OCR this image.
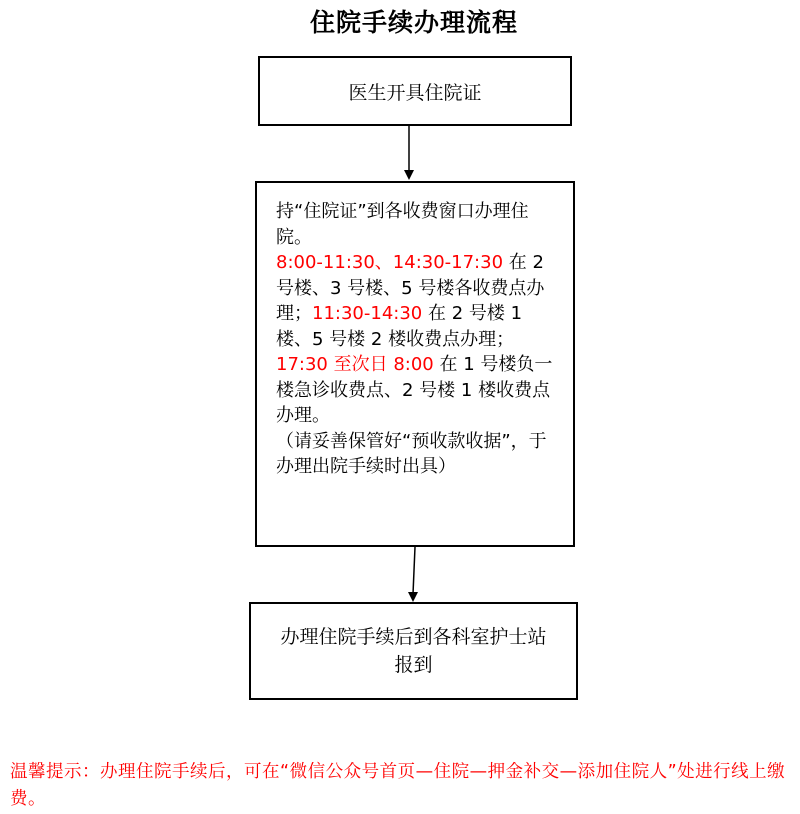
住院手续办理流程
医生开具住院证

持“住院证”到各收费窗口办理住院。

8:00-11:30、14:30-17:30 在 2 号楼、3 号楼、5 号楼各收费点办理；11:30-14:30 在 2 号楼 1 楼、5 号楼 2 楼收费点办理；17:30 至次日 8:00 在 1 号楼负一楼急诊收费点、2 号楼 1 楼收费点办理。

（请妥善保管好“预收款收据”，于办理出院手续时出具）

办理住院手续后到各科室护士站报到
温馨提示：办理住院手续后，可在“微信公众号首页—住院—押金补交—添加住院人”处进行线上缴费。
